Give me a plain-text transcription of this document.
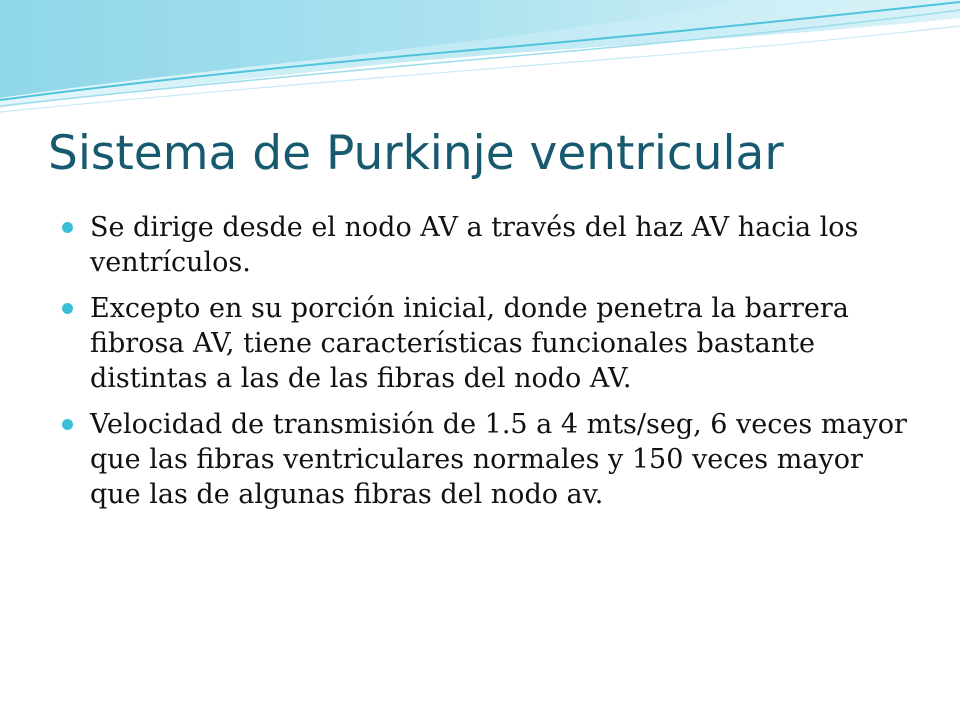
Sistema de Purkinje ventricular
Se dirige desde el nodo AV a través del haz AV hacia los ventrículos.
Excepto en su porción inicial, donde penetra la barrera fibrosa AV, tiene características funcionales bastante distintas a las de las fibras del nodo AV.
Velocidad de transmisión de 1.5 a 4 mts/seg, 6 veces mayor que las fibras ventriculares normales y 150 veces mayor que las de algunas fibras del nodo av.
